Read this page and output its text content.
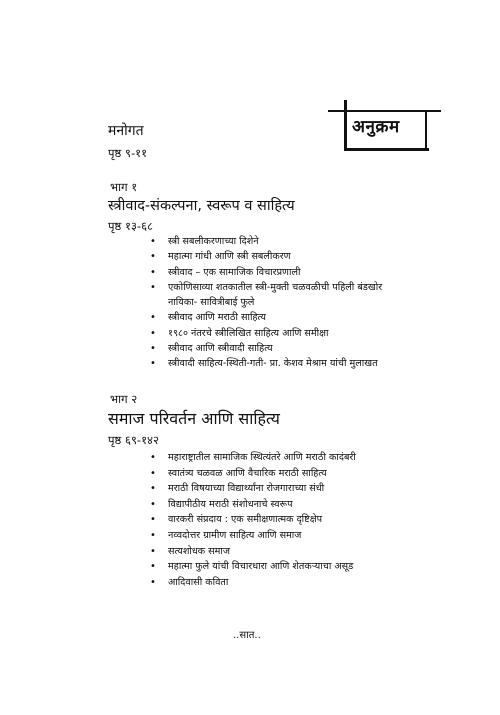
अनुक्रम
मनोगत
पृष्ठ ९-११
भाग १
स्त्रीवाद-संकल्पना, स्वरूप व साहित्य
पृष्ठ १३-६८
• स्त्री सबलीकरणाच्या दिशेने
• महात्मा गांधी आणि स्त्री सबलीकरण
• स्त्रीवाद – एक सामाजिक विचारप्रणाली
• एकोणिसाव्या शतकातील स्त्री-मुक्ती चळवळीची पहिली बंडखोर नायिका- सावित्रीबाई फुले
• स्त्रीवाद आणि मराठी साहित्य
• १९८० नंतरचे स्त्रीलिखित साहित्य आणि समीक्षा
• स्त्रीवाद आणि स्त्रीवादी साहित्य
• स्त्रीवादी साहित्य-स्थिती-गती- प्रा. केशव मेश्राम यांची मुलाखत
भाग २
समाज परिवर्तन आणि साहित्य
पृष्ठ ६९-१४२
• महाराष्ट्रातील सामाजिक स्थित्यंतरे आणि मराठी कादंबरी
• स्वातंत्र्य चळवळ आणि वैचारिक मराठी साहित्य
• मराठी विषयाच्या विद्यार्थ्यांना रोजगाराच्या संधी
• विद्यापीठीय मराठी संशोधनाचे स्वरूप
• वारकरी संप्रदाय : एक समीक्षणात्मक दृष्टिक्षेप
• नव्वदोत्तर ग्रामीण साहित्य आणि समाज
• सत्यशोधक समाज
• महात्मा फुले यांची विचारधारा आणि शेतकऱ्याचा असूड
• आदिवासी कविता
..सात..
